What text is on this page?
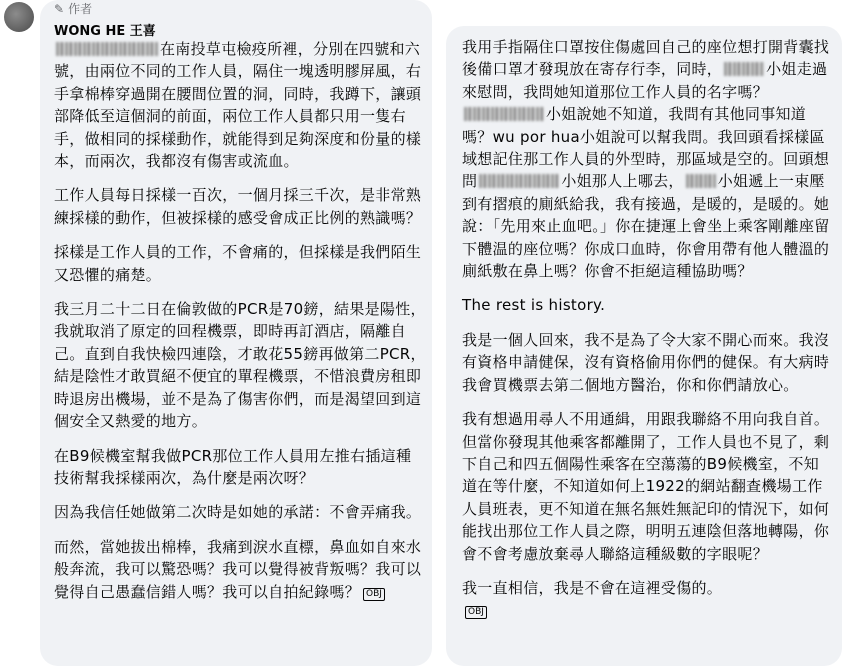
✎ 作者
WONG HE 王喜

在南投草屯檢疫所裡，分別在四號和六號，由兩位不同的工作人員，隔住一塊透明膠屏風，右手拿棉棒穿過開在腰間位置的洞，同時，我蹲下，讓頭部降低至這個洞的前面，兩位工作人員都只用一隻右手，做相同的採樣動作，就能得到足夠深度和份量的樣本，而兩次，我都沒有傷害或流血。

工作人員每日採樣一百次，一個月採三千次，是非常熟練採樣的動作，但被採樣的感受會成正比例的熟識嗎？

採樣是工作人員的工作，不會痛的，但採樣是我們陌生又恐懼的痛楚。

我三月二十二日在倫敦做的PCR是70鎊，結果是陽性，我就取消了原定的回程機票，即時再訂酒店，隔離自己。直到自我快檢四連陰，才敢花55鎊再做第二PCR，結是陰性才敢買絕不便宜的單程機票，不惜浪費房租即時退房出機場，並不是為了傷害你們，而是渴望回到這個安全又熱愛的地方。

在B9候機室幫我做PCR那位工作人員用左推右插這種技術幫我採樣兩次，為什麼是兩次呀？

因為我信任她做第二次時是如她的承諾：不會弄痛我。

而然，當她拔出棉棒，我痛到淚水直標，鼻血如自來水般奔流，我可以驚恐嗎？我可以覺得被背叛嗎？我可以覺得自己愚蠢信錯人嗎？我可以自拍紀錄嗎？ OBJ

我用手指隔住口罩按住傷處回自己的座位想打開背囊找後備口罩才發現放在寄存行李，同時，	小姐走過來慰問，我問她知道那位工作人員的名字嗎？小姐說她不知道，我問有其他同事知道嗎？wu por hua小姐說可以幫我問。我回頭看採樣區域想記住那工作人員的外型時，那區域是空的。回頭想問	小姐那人上哪去， 小姐遞上一束壓到有摺痕的廁紙給我，我有接過，是暖的，是暖的。她說：「先用來止血吧。」你在捷運上會坐上乘客剛離座留下體温的座位嗎？你成口血時，你會用帶有他人體溫的廁紙敷在鼻上嗎？你會不拒絕這種協助嗎？

The rest is history.

我是一個人回來，我不是為了令大家不開心而來。我沒有資格申請健保，沒有資格偷用你們的健保。有大病時我會買機票去第二個地方醫治，你和你們請放心。

我有想過用尋人不用通緝，用跟我聯絡不用向我自首。但當你發現其他乘客都離開了，工作人員也不見了，剩下自己和四五個陽性乘客在空蕩蕩的B9候機室，不知道在等什麼，不知道如何上1922的網站翻查機場工作人員班表，更不知道在無名無姓無記印的情況下，如何能找出那位工作人員之際，明明五連陰但落地轉陽，你會不會考慮放棄尋人聯絡這種級數的字眼呢？

我一直相信，我是不會在這裡受傷的。
OBJ
